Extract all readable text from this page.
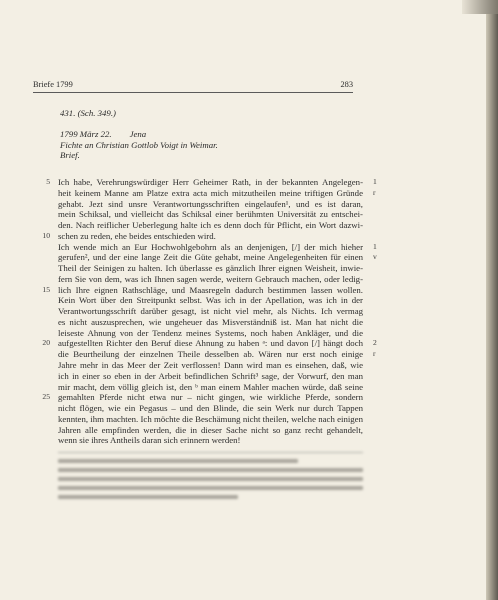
Briefe 1799	283
431. (Sch. 349.)
1799 März 22. Jena
Fichte an Christian Gottlob Voigt in Weimar.
Brief.
Ich habe, Verehrungswürdiger Herr Geheimer Rath, in der bekannten Angelegen-
5	1 r
heit keinem Manne am Platze extra acta mich mitzutheilen meine triftigen Gründe
gehabt. Jezt sind unsre Verantwortungsschriften eingelaufen¹, und es ist daran,
mein Schiksal, und vielleicht das Schiksal einer berühmten Universität zu entschei-
den. Nach reiflicher Ueberlegung halte ich es denn doch für Pflicht, ein Wort dazwi-
schen zu reden, ehe beides entschieden wird.
10
Ich wende mich an Eur Hochwohlgebohrn als an denjenigen, [/] der mich hieher 1 v
gerufen², und der eine lange Zeit die Güte gehabt, meine Angelegenheiten für einen
Theil der Seinigen zu halten. Ich überlasse es gänzlich Ihrer eignen Weisheit, inwie-
fern Sie von dem, was ich Ihnen sagen werde, weitern Gebrauch machen, oder ledig-
lich Ihre eignen Rathschläge, und Maasregeln dadurch bestimmen lassen wollen.
15
Kein Wort über den Streitpunkt selbst. Was ich in der Apellation, was ich in der
Verantwortungsschrift darüber gesagt, ist nicht viel mehr, als Nichts. Ich vermag
es nicht auszusprechen, wie ungeheuer das Misverständniß ist. Man hat nicht die
leiseste Ahnung von der Tendenz meines Systems, noch haben Ankläger, und die
aufgestellten Richter den Beruf diese Ahnung zu haben ᵃ: und davon [/] hängt doch
20	2 r
die Beurtheilung der einzelnen Theile desselben ab. Wären nur erst noch einige
Jahre mehr in das Meer der Zeit verflossen! Dann wird man es einsehen, daß, wie
ich in einer so eben in der Arbeit befindlichen Schrift³ sage, der Vorwurf, den man
mir macht, dem völlig gleich ist, den ᵇ man einem Mahler machen würde, daß seine
gemahlten Pferde nicht etwa nur – nicht gingen, wie wirkliche Pferde, sondern
25
nicht flögen, wie ein Pegasus – und den Blinde, die sein Werk nur durch Tappen
kennten, ihm machten. Ich möchte die Beschämung nicht theilen, welche nach einigen
Jahren alle empfinden werden, die in dieser Sache nicht so ganz recht gehandelt,
wenn sie ihres Antheils daran sich erinnern werden!
